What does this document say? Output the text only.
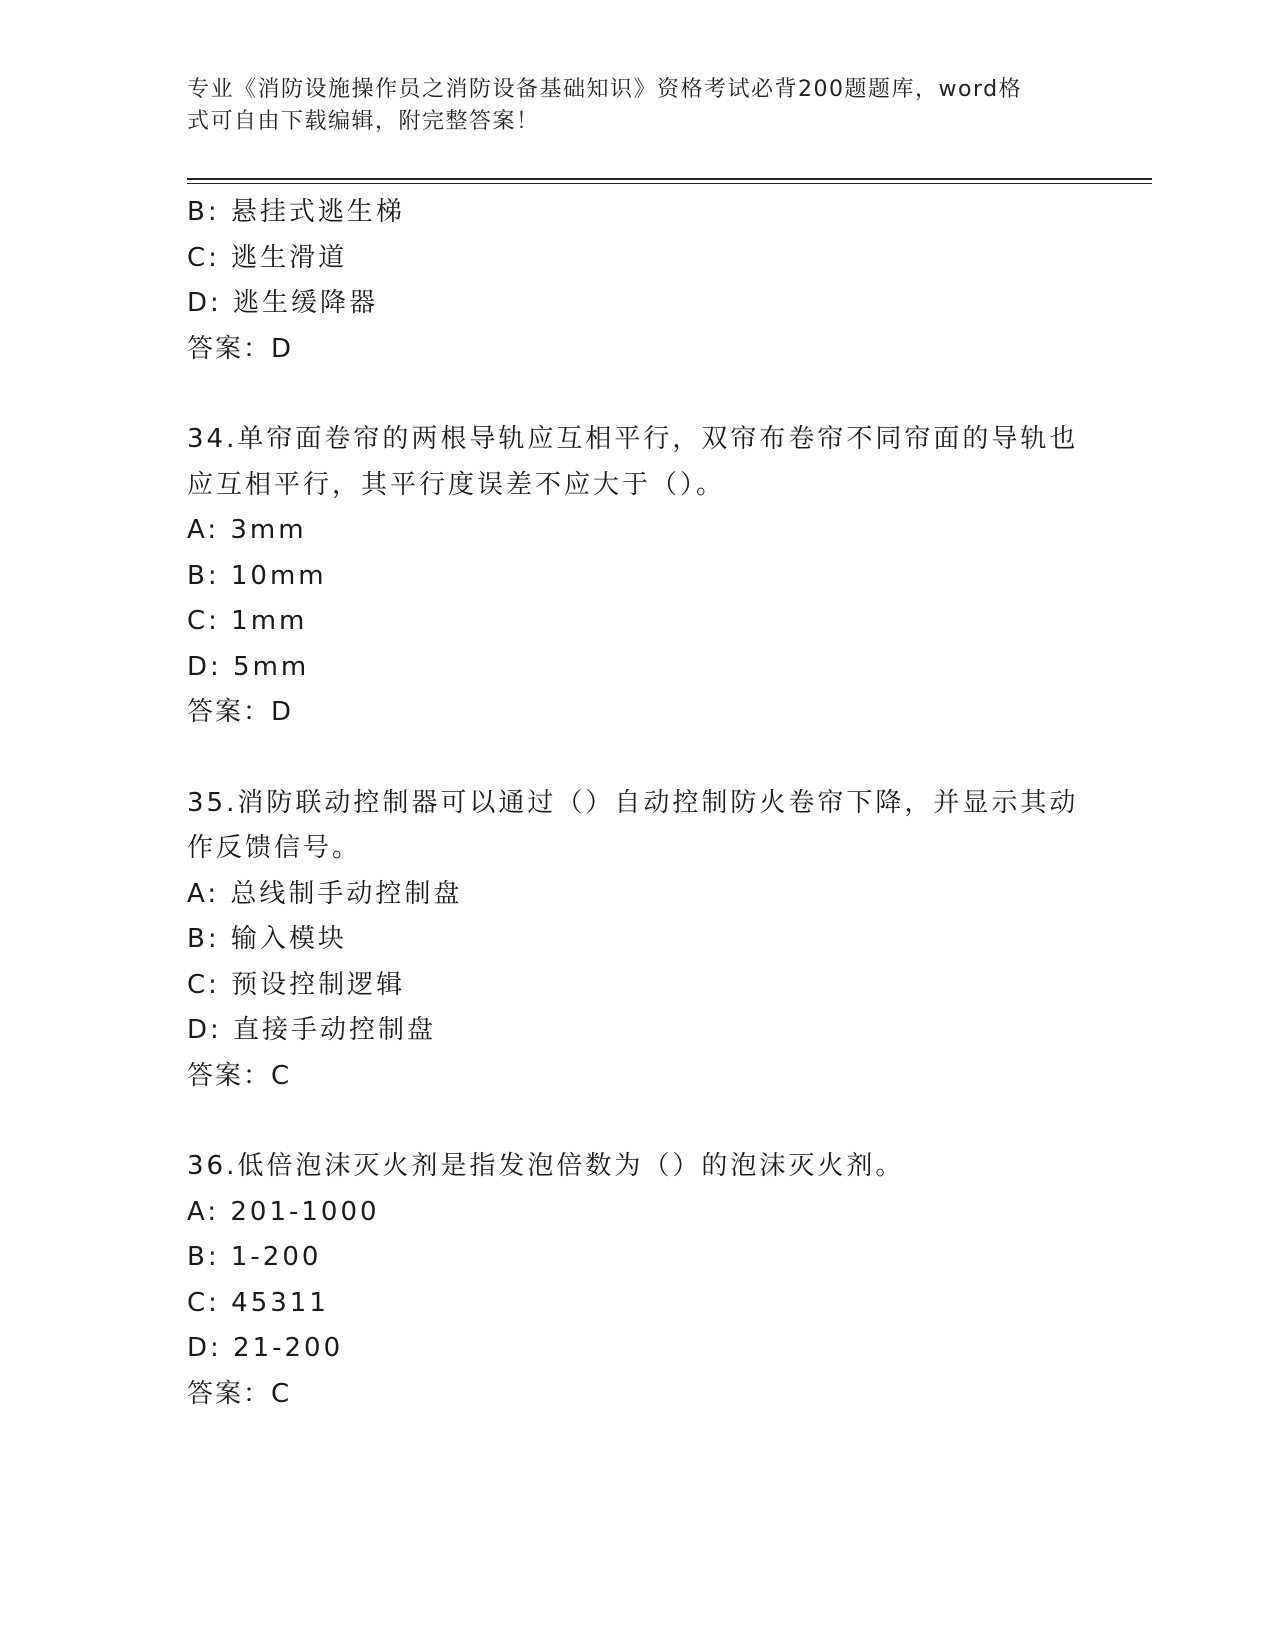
专业《消防设施操作员之消防设备基础知识》资格考试必背200题题库，word格
式可自由下载编辑，附完整答案！
B: 悬挂式逃生梯
C: 逃生滑道
D: 逃生缓降器
答案：D
34.单帘面卷帘的两根导轨应互相平行，双帘布卷帘不同帘面的导轨也
应互相平行，其平行度误差不应大于（）。
A: 3mm
B: 10mm
C: 1mm
D: 5mm
答案：D
35.消防联动控制器可以通过（）自动控制防火卷帘下降，并显示其动
作反馈信号。
A: 总线制手动控制盘
B: 输入模块
C: 预设控制逻辑
D: 直接手动控制盘
答案：C
36.低倍泡沫灭火剂是指发泡倍数为（）的泡沫灭火剂。
A: 201-1000
B: 1-200
C: 45311
D: 21-200
答案：C
